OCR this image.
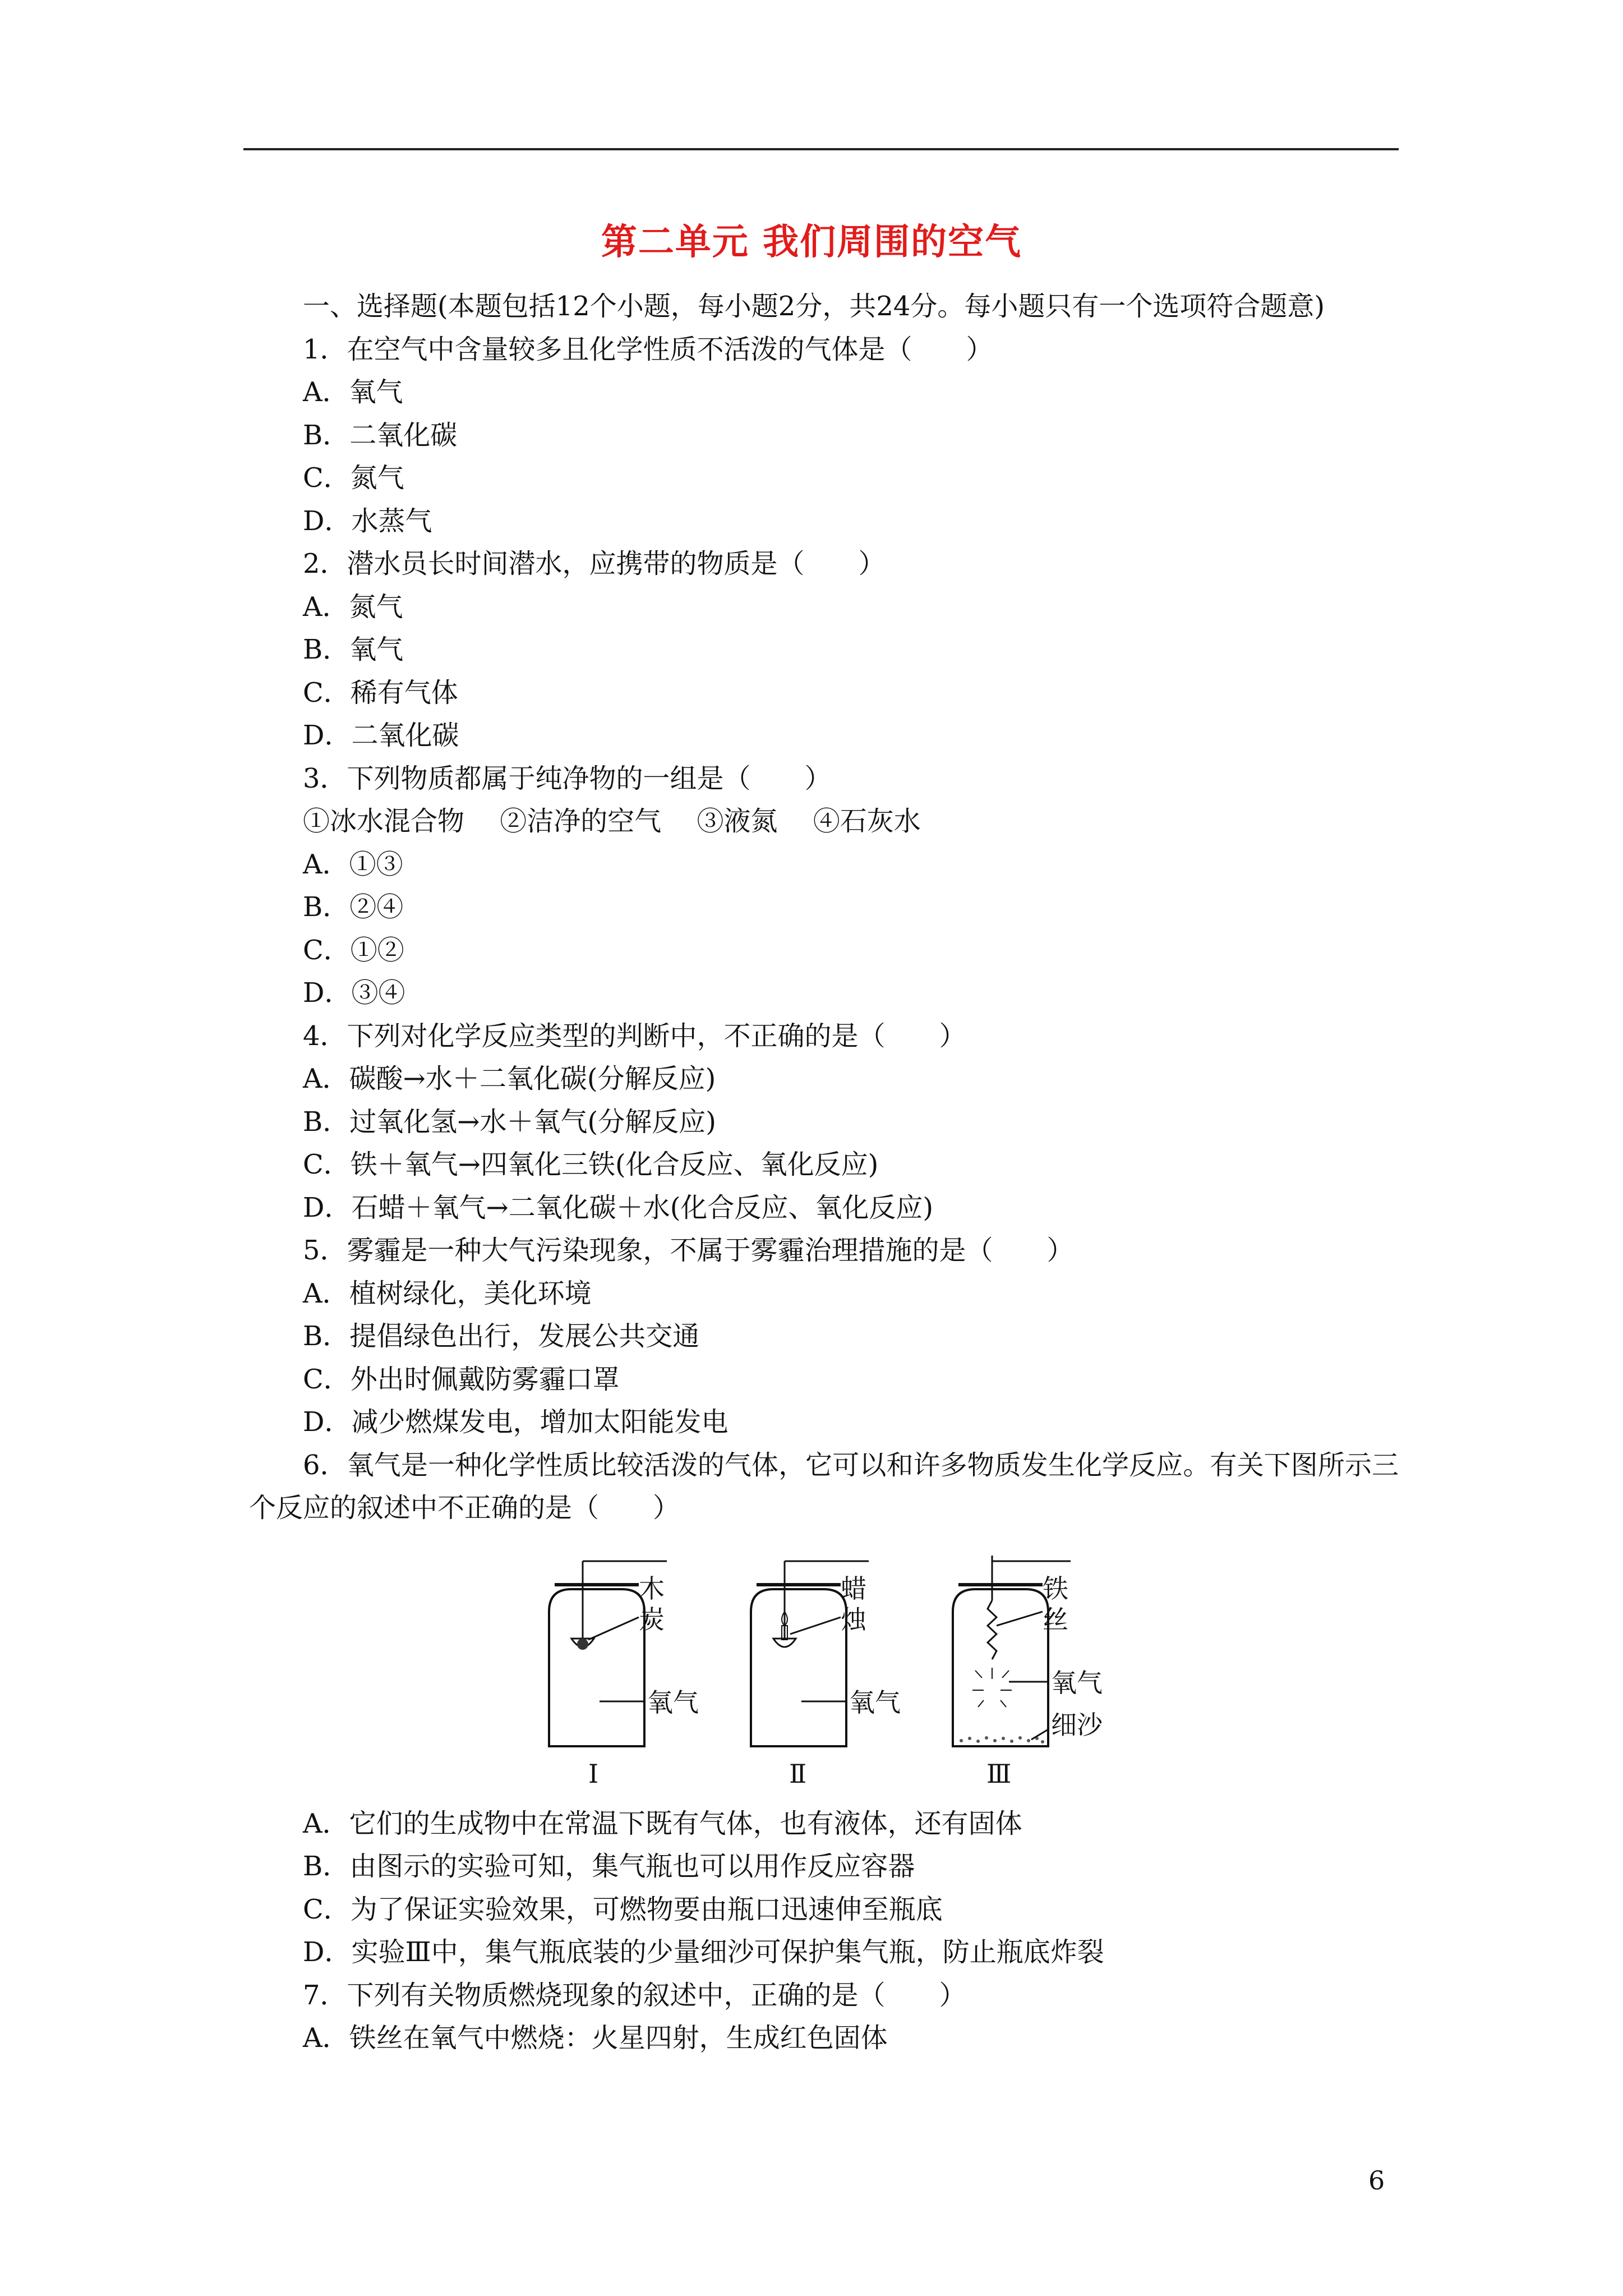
第二单元 我们周围的空气

一、选择题(本题包括12个小题，每小题2分，共24分。每小题只有一个选项符合题意)

1．在空气中含量较多且化学性质不活泼的气体是（　　）

A．氧气

B．二氧化碳

C．氮气

D．水蒸气

2．潜水员长时间潜水，应携带的物质是（　　）

A．氮气

B．氧气

C．稀有气体

D．二氧化碳

3．下列物质都属于纯净物的一组是（　　）

①冰水混合物　 ②洁净的空气　 ③液氮　 ④石灰水

A．①③

B．②④

C．①②

D．③④

4．下列对化学反应类型的判断中，不正确的是（　　）

A．碳酸→水＋二氧化碳(分解反应)

B．过氧化氢→水＋氧气(分解反应)

C．铁＋氧气→四氧化三铁(化合反应、氧化反应)

D．石蜡＋氧气→二氧化碳＋水(化合反应、氧化反应)

5．雾霾是一种大气污染现象，不属于雾霾治理措施的是（　　）

A．植树绿化，美化环境

B．提倡绿色出行，发展公共交通

C．外出时佩戴防雾霾口罩

D．减少燃煤发电，增加太阳能发电

6．氧气是一种化学性质比较活泼的气体，它可以和许多物质发生化学反应。有关下图所示三个反应的叙述中不正确的是（　　）

木
炭
氧气
Ⅰ
蜡
烛
氧气
Ⅱ
铁
丝
氧气
细沙
Ⅲ

A．它们的生成物中在常温下既有气体，也有液体，还有固体

B．由图示的实验可知，集气瓶也可以用作反应容器

C．为了保证实验效果，可燃物要由瓶口迅速伸至瓶底

D．实验Ⅲ中，集气瓶底装的少量细沙可保护集气瓶，防止瓶底炸裂

7．下列有关物质燃烧现象的叙述中，正确的是（　　）

A．铁丝在氧气中燃烧：火星四射，生成红色固体

6
